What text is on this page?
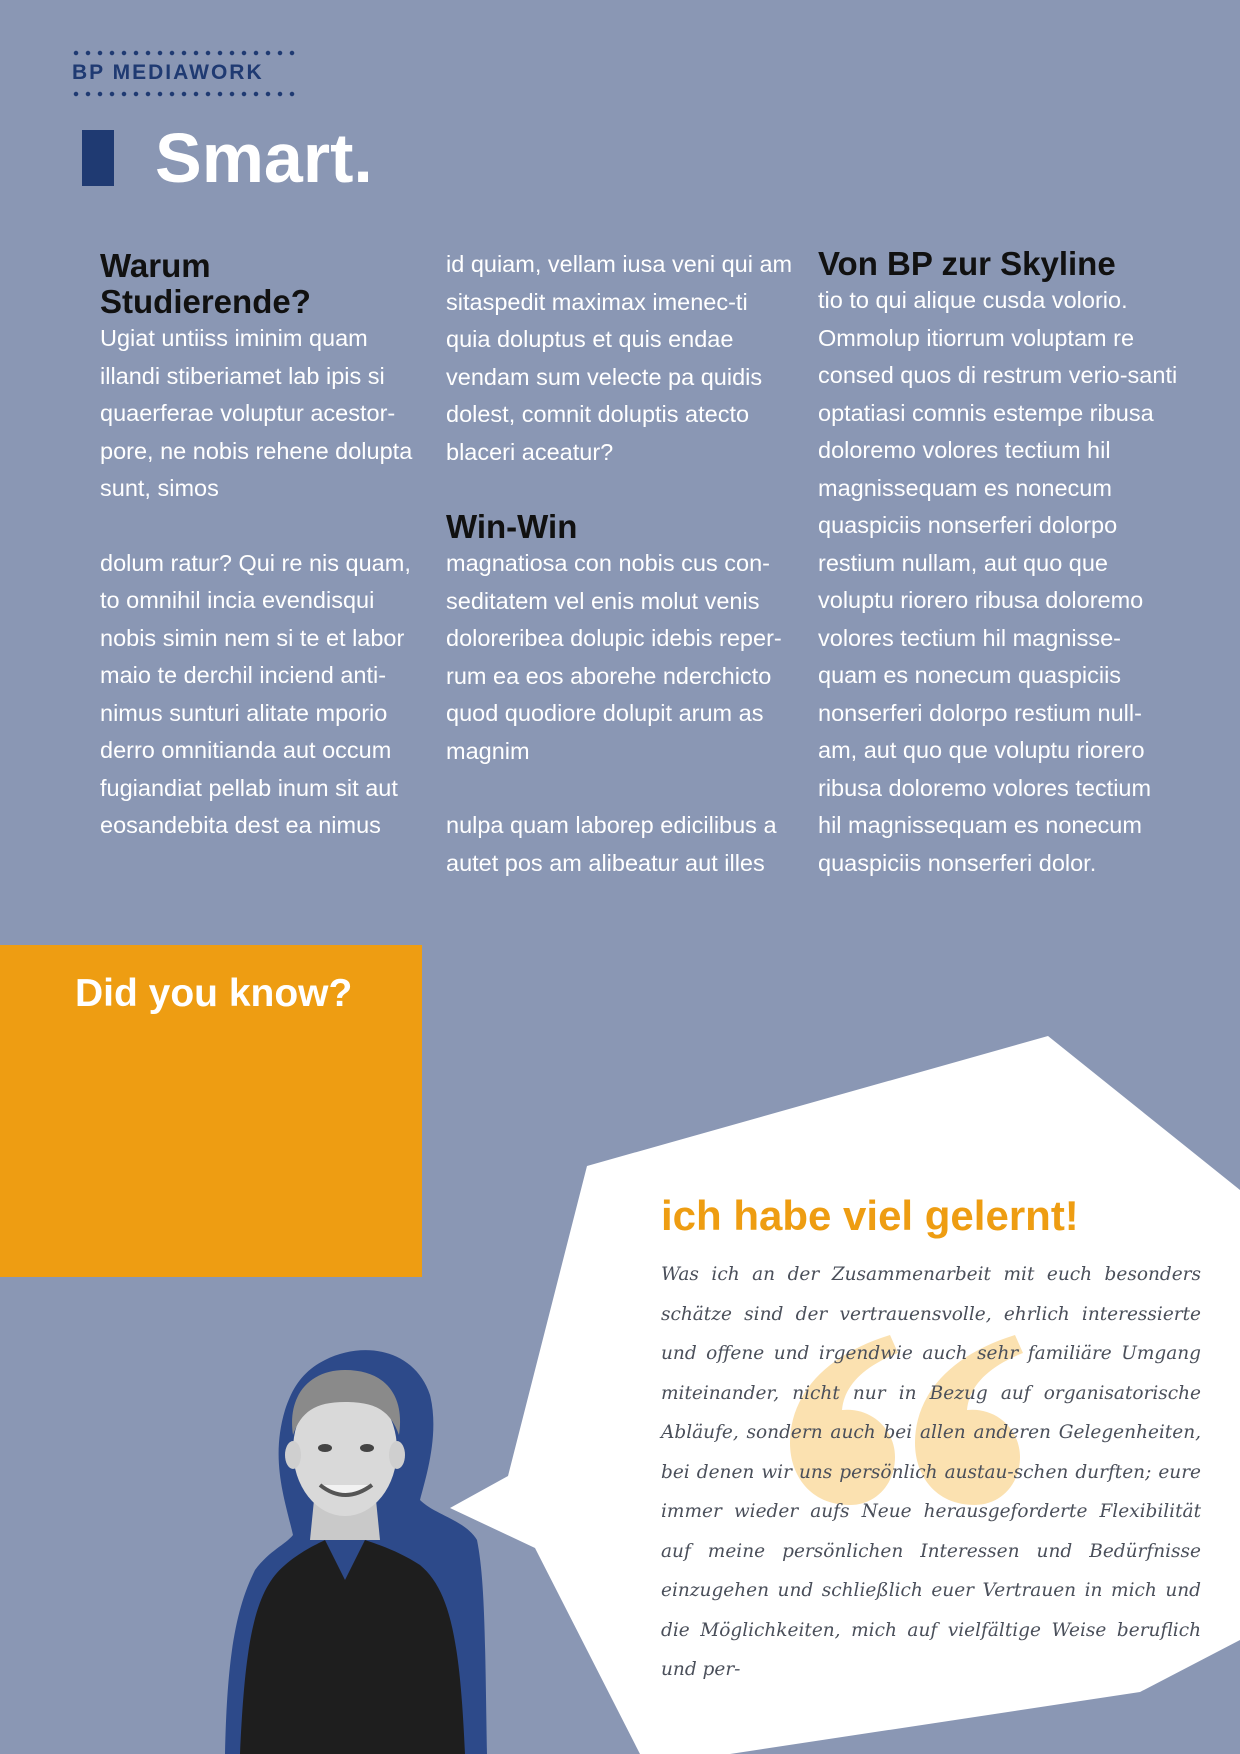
BP MEDIAWORK
Smart.
Warum Studierende?

Ugiat untiiss iminim quam illandi stiberiamet lab ipis si quaerferae voluptur acestor-pore, ne nobis rehene dolupta sunt, simos

dolum ratur? Qui re nis quam, to omnihil incia evendisqui nobis simin nem si te et labor maio te derchil inciend anti-nimus sunturi alitate mporio derro omnitianda aut occum fugiandiat pellab inum sit aut eosandebita dest ea nimus

id quiam, vellam iusa veni qui am sitaspedit maximax imenec-ti quia doluptus et quis endae vendam sum velecte pa quidis dolest, comnit doluptis atecto blaceri aceatur?

Win-Win

magnatiosa con nobis cus con-seditatem vel enis molut venis doloreribea dolupic idebis reper-rum ea eos aborehe nderchicto quod quodiore dolupit arum as magnim

nulpa quam laborep edicilibus a autet pos am alibeatur aut illes

Von BP zur Skyline

tio to qui alique cusda volorio. Ommolup itiorrum voluptam re consed quos di restrum verio-santi optatiasi comnis estempe ribusa doloremo volores tectium hil magnissequam es nonecum quaspiciis nonserferi dolorpo restium nullam, aut quo que voluptu riorero ribusa doloremo volores tectium hil magnisse-quam es nonecum quaspiciis nonserferi dolorpo restium null-am, aut quo que voluptu riorero ribusa doloremo volores tectium hil magnissequam es nonecum quaspiciis nonserferi dolor.

Did you know?
ich habe viel gelernt!

Was ich an der Zusammenarbeit mit euch besonders schätze sind der vertrauensvolle, ehrlich interessierte und offene und irgendwie auch sehr familiäre Umgang miteinander, nicht nur in Bezug auf organisatorische Abläufe, sondern auch bei allen anderen Gelegenheiten, bei denen wir uns persönlich austau-schen durften; eure immer wieder aufs Neue herausgeforderte Flexibilität auf meine persönlichen Interessen und Bedürfnisse einzugehen und schließlich euer Vertrauen in mich und die Möglichkeiten, mich auf vielfältige Weise beruflich und per-
